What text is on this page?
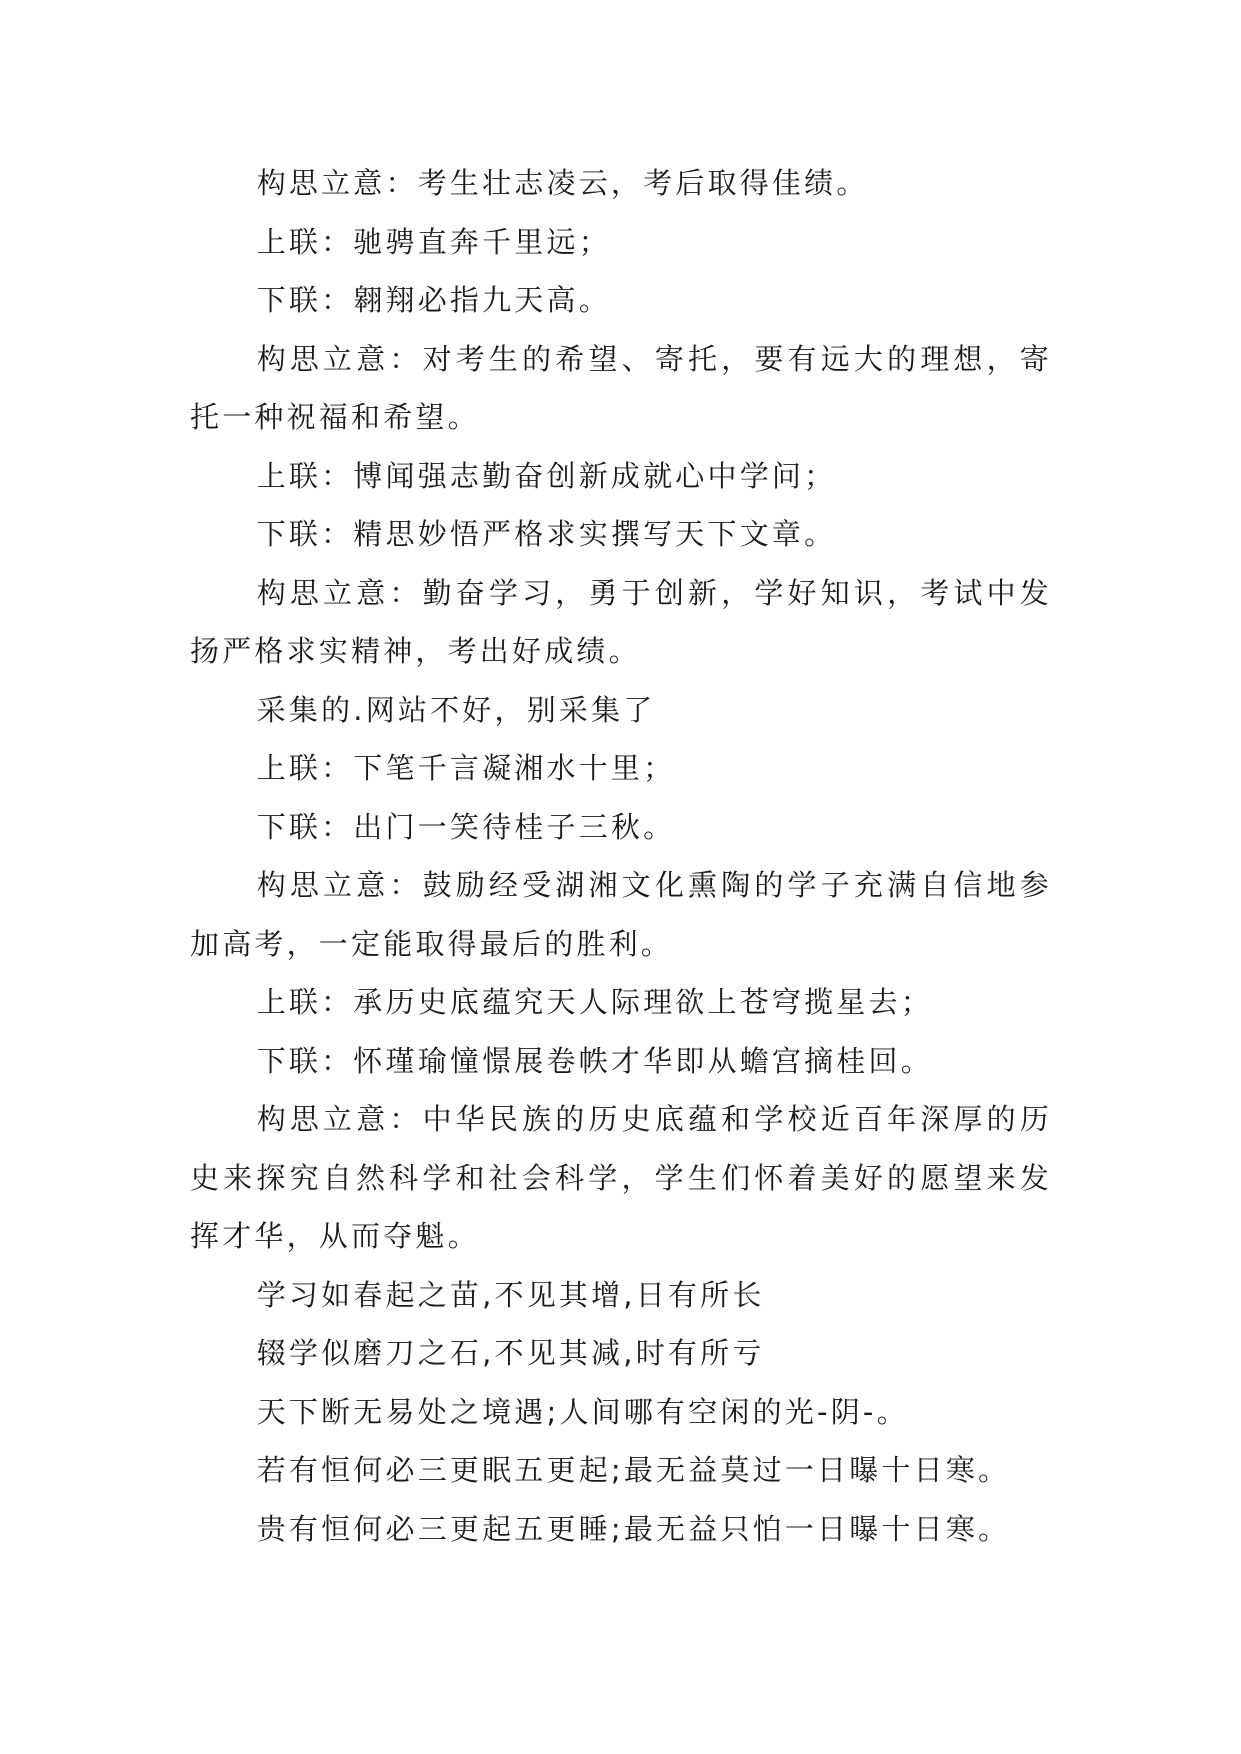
构思立意：考生壮志凌云，考后取得佳绩。

上联：驰骋直奔千里远；

下联：翱翔必指九天高。

构思立意：对考生的希望、寄托，要有远大的理想，寄托一种祝福和希望。

上联：博闻强志勤奋创新成就心中学问；

下联：精思妙悟严格求实撰写天下文章。

构思立意：勤奋学习，勇于创新，学好知识，考试中发扬严格求实精神，考出好成绩。

采集的.网站不好，别采集了

上联：下笔千言凝湘水十里；

下联：出门一笑待桂子三秋。

构思立意：鼓励经受湖湘文化熏陶的学子充满自信地参加高考，一定能取得最后的胜利。

上联：承历史底蕴究天人际理欲上苍穹揽星去；

下联：怀瑾瑜憧憬展卷帙才华即从蟾宫摘桂回。

构思立意：中华民族的历史底蕴和学校近百年深厚的历史来探究自然科学和社会科学，学生们怀着美好的愿望来发挥才华，从而夺魁。

学习如春起之苗,不见其增,日有所长

辍学似磨刀之石,不见其减,时有所亏

天下断无易处之境遇;人间哪有空闲的光-阴-。

若有恒何必三更眠五更起;最无益莫过一日曝十日寒。

贵有恒何必三更起五更睡;最无益只怕一日曝十日寒。
